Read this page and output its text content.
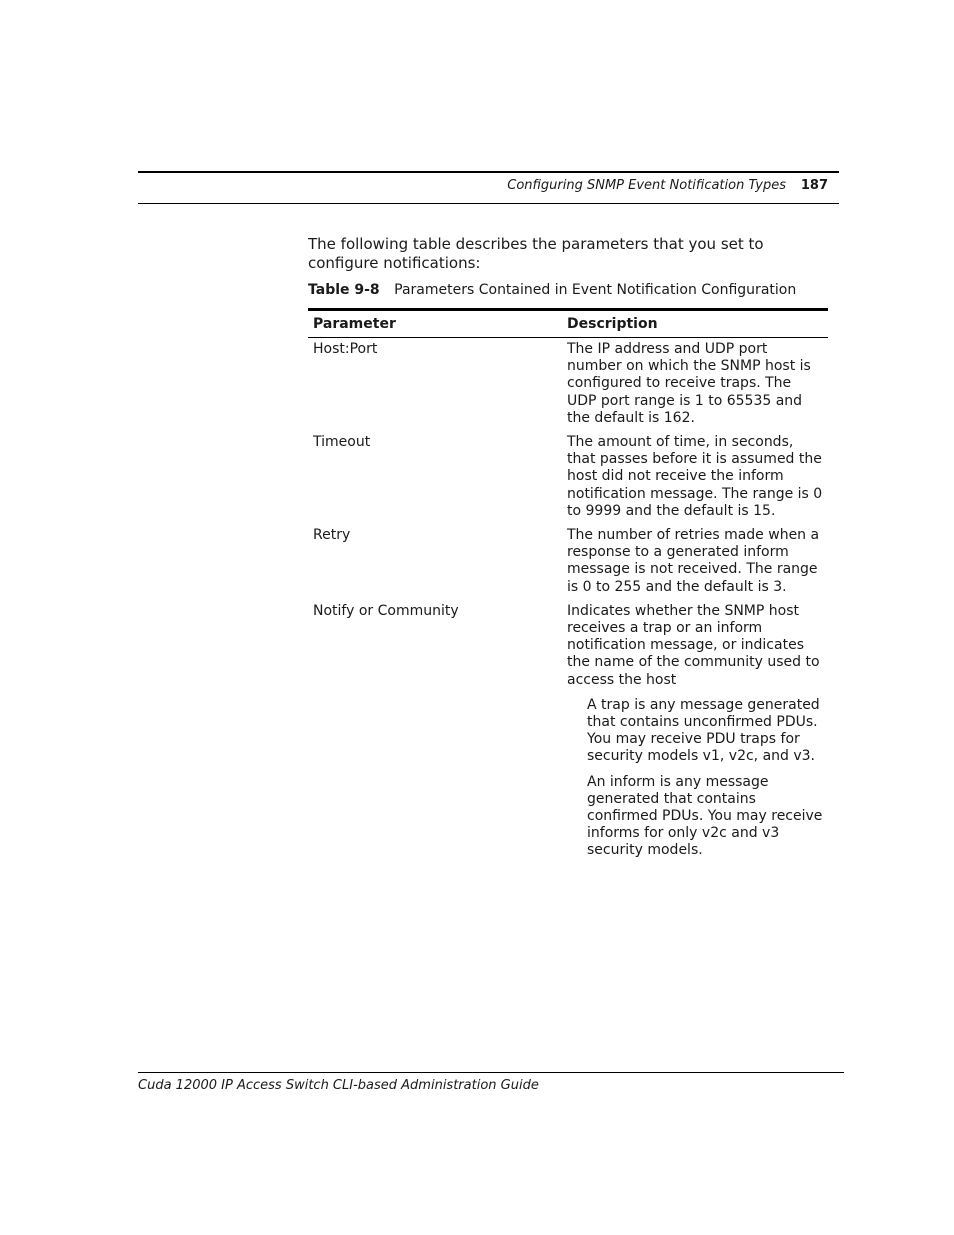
Configuring SNMP Event Notification Types 187

The following table describes the parameters that you set to configure notifications:

Table 9-8 Parameters Contained in Event Notification Configuration
Parameter	Description
Host:Port	The IP address and UDP port number on which the SNMP host is configured to receive traps. The UDP port range is 1 to 65535 and the default is 162.
Timeout	The amount of time, in seconds, that passes before it is assumed the host did not receive the inform notification message. The range is 0 to 9999 and the default is 15.
Retry	The number of retries made when a response to a generated inform message is not received. The range is 0 to 255 and the default is 3.
Notify or Community	Indicates whether the SNMP host receives a trap or an inform notification message, or indicates the name of the community used to access the host
A trap is any message generated that contains unconfirmed PDUs. You may receive PDU traps for security models v1, v2c, and v3.
An inform is any message generated that contains confirmed PDUs. You may receive informs for only v2c and v3 security models.
Cuda 12000 IP Access Switch CLI-based Administration Guide
